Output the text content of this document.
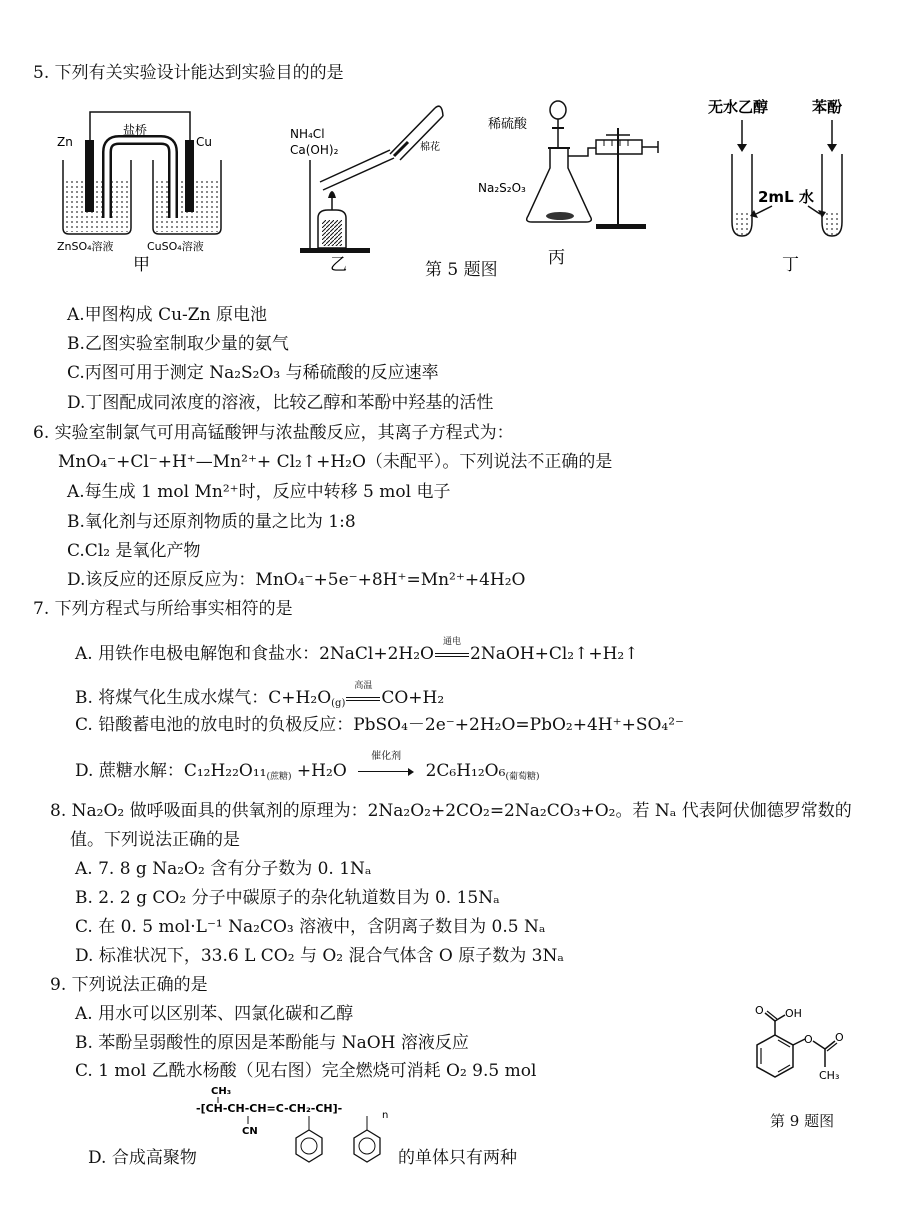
5. 下列有关实验设计能达到实验目的的是
Zn	Cu
盐桥
ZnSO₄溶液	CuSO₄溶液
甲
NH₄Cl
Ca(OH)₂	棉花
乙	第 5 题图
稀硫酸
Na₂S₂O₃
丙
无水乙醇	苯酚
2mL 水
丁
A.甲图构成 Cu-Zn 原电池
B.乙图实验室制取少量的氨气
C.丙图可用于测定 Na₂S₂O₃ 与稀硫酸的反应速率
D.丁图配成同浓度的溶液，比较乙醇和苯酚中羟基的活性
6. 实验室制氯气可用高锰酸钾与浓盐酸反应，其离子方程式为：
MnO₄⁻+Cl⁻+H⁺—Mn²⁺+ Cl₂↑+H₂O（未配平）。下列说法不正确的是
A.每生成 1 mol Mn²⁺时，反应中转移 5 mol 电子
B.氧化剂与还原剂物质的量之比为 1:8
C.Cl₂ 是氧化产物
D.该反应的还原反应为：MnO₄⁻+5e⁻+8H⁺=Mn²⁺+4H₂O
7. 下列方程式与所给事实相符的是
A. 用铁作电极电解饱和食盐水：2NaCl+2H₂O
通电
2NaOH+Cl₂↑+H₂↑
B. 将煤气化生成水煤气：C+H₂O(g)
高温
CO+H₂
C. 铅酸蓄电池的放电时的负极反应：PbSO₄－2e⁻+2H₂O=PbO₂+4H⁺+SO₄²⁻
D. 蔗糖水解：C₁₂H₂₂O₁₁(蔗糖) +H₂O
催化剂
2C₆H₁₂O₆(葡萄糖)
8. Na₂O₂ 做呼吸面具的供氧剂的原理为：2Na₂O₂+2CO₂=2Na₂CO₃+O₂。若 Nₐ 代表阿伏伽德罗常数的
值。下列说法正确的是
A. 7. 8 g Na₂O₂ 含有分子数为 0. 1Nₐ
B. 2. 2 g CO₂ 分子中碳原子的杂化轨道数目为 0. 15Nₐ
C. 在 0. 5 mol·L⁻¹ Na₂CO₃ 溶液中，含阴离子数目为 0.5 Nₐ
D. 标准状况下，33.6 L CO₂ 与 O₂ 混合气体含 O 原子数为 3Nₐ
9. 下列说法正确的是
A. 用水可以区别苯、四氯化碳和乙醇
B. 苯酚呈弱酸性的原因是苯酚能与 NaOH 溶液反应
C. 1 mol 乙酰水杨酸（见右图）完全燃烧可消耗 O₂ 9.5 mol
CH₃
-[CH-CH-CH=C-CH₂-CH]-
n
CN
D. 合成高聚物	的单体只有两种
O OH
O O
CH₃
第 9 题图
